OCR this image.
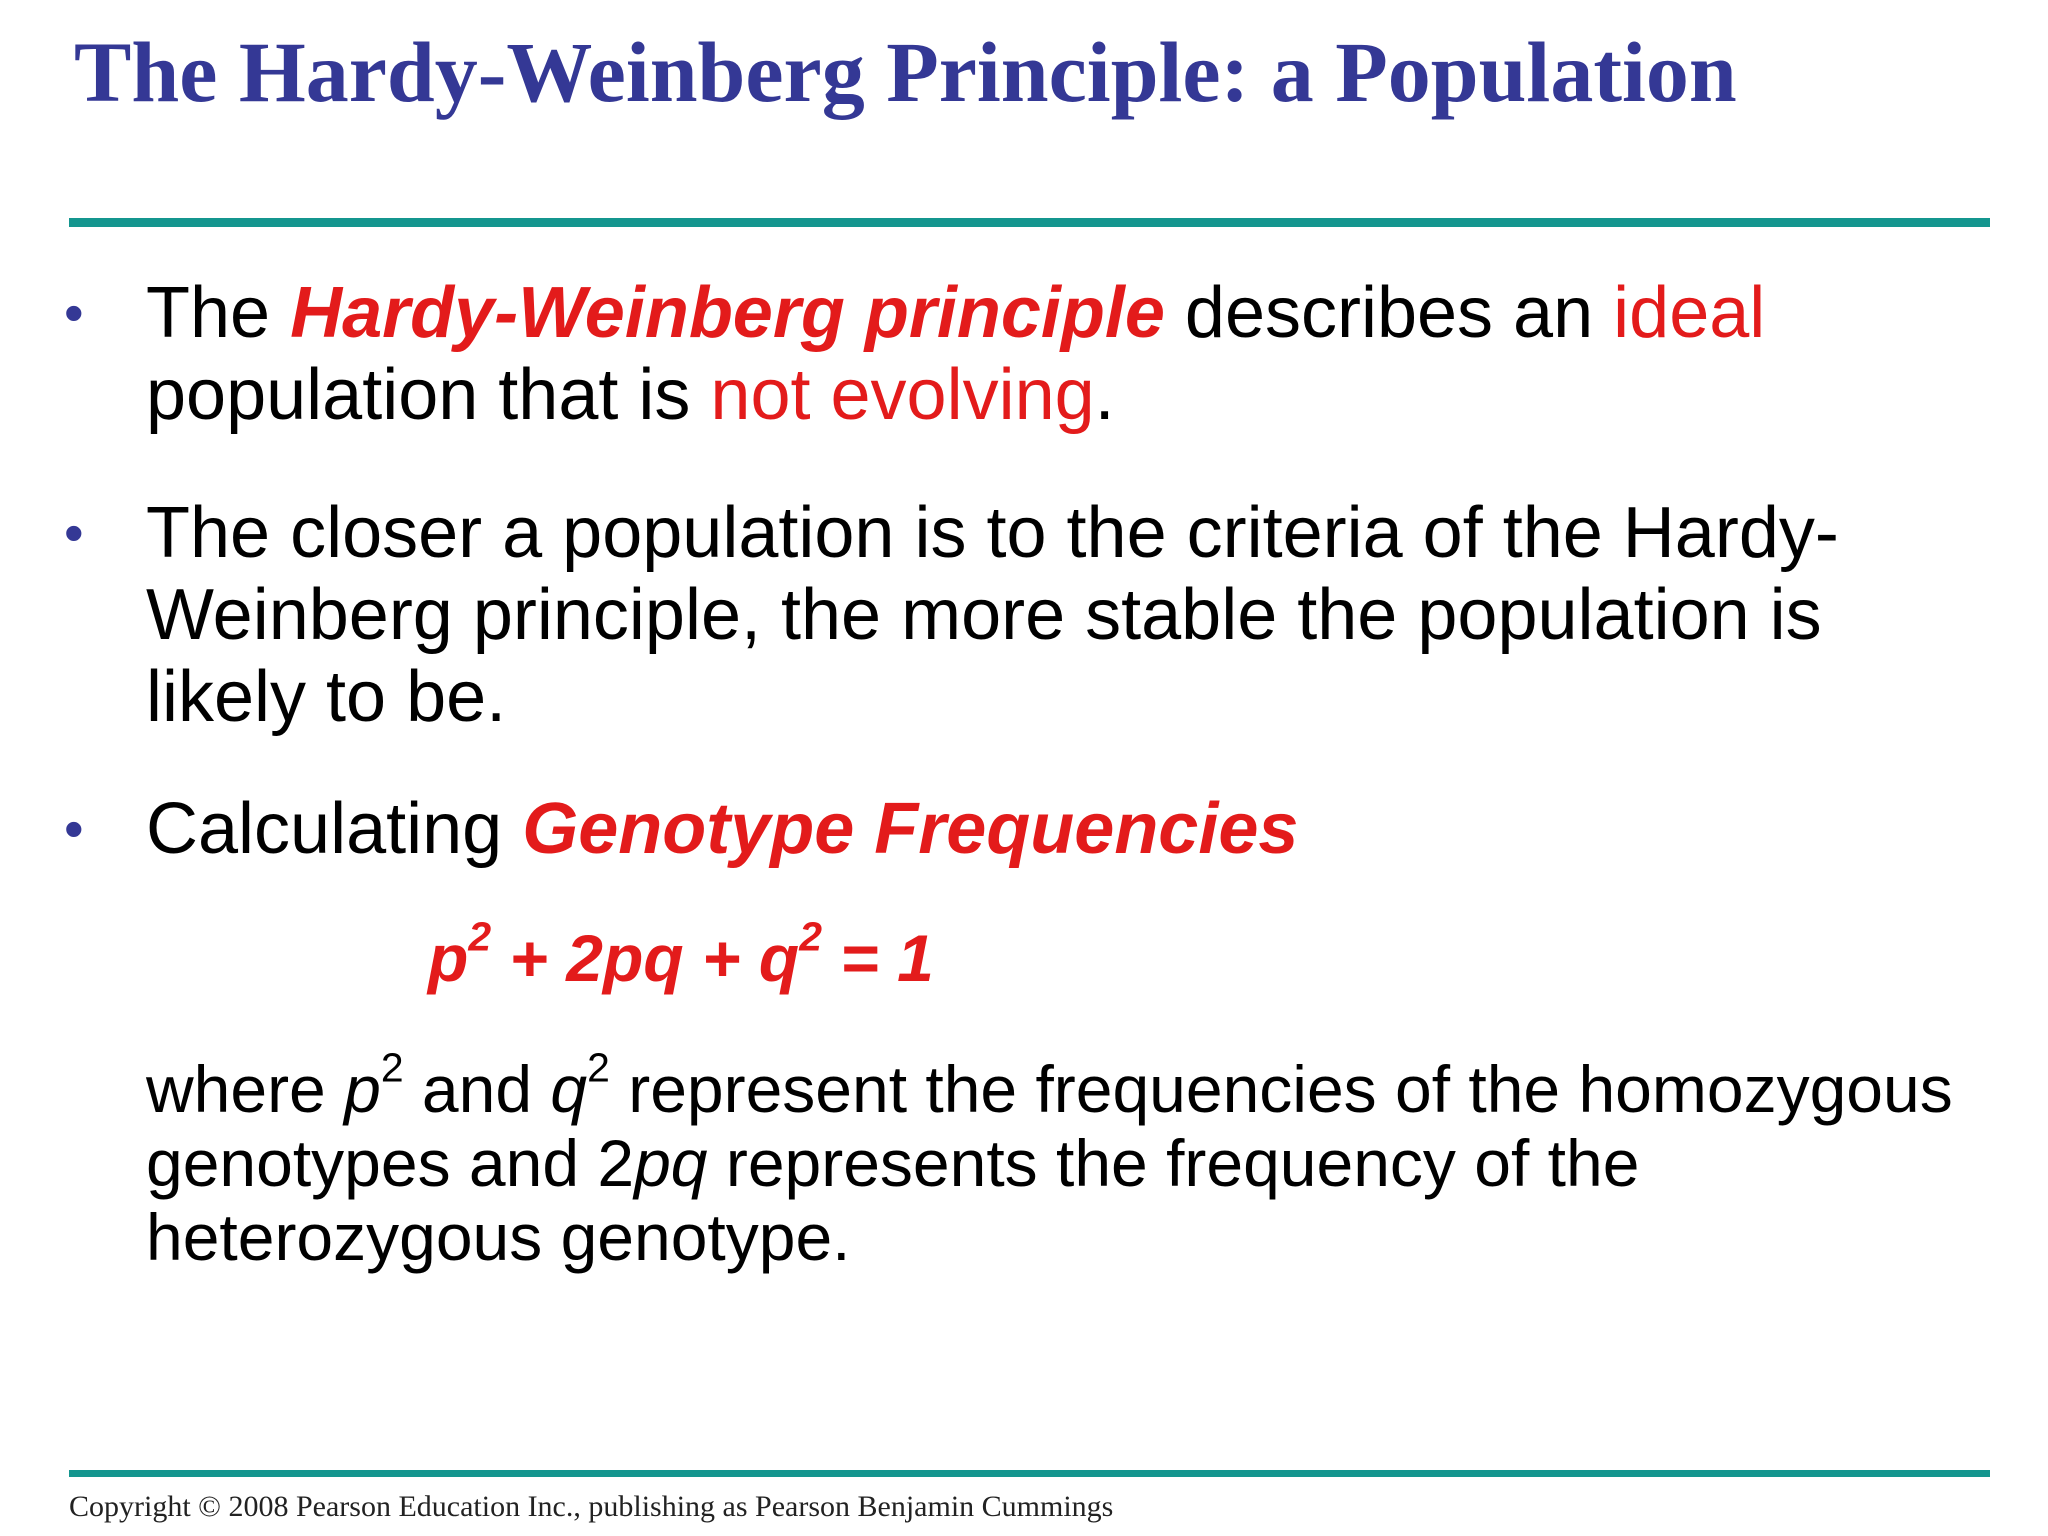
The Hardy-Weinberg Principle: a Population
• The Hardy-Weinberg principle describes an ideal population that is not evolving.

• The closer a population is to the criteria of the Hardy-Weinberg principle, the more stable the population is likely to be.

• Calculating Genotype Frequencies

$p^2 + 2pq + q^2 = 1$

where $p^2$ and $q^2$ represent the frequencies of the homozygous genotypes and 2pq represents the frequency of the heterozygous genotype.

Copyright © 2008 Pearson Education Inc., publishing as Pearson Benjamin Cummings
